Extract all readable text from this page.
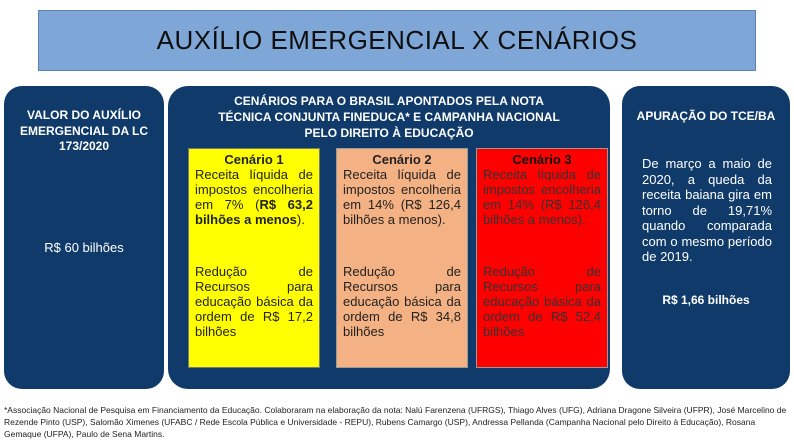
AUXÍLIO EMERGENCIAL X CENÁRIOS
VALOR DO AUXÍLIO EMERGENCIAL DA LC 173/2020
R$ 60 bilhões
CENÁRIOS PARA O BRASIL APONTADOS PELA NOTA TÉCNICA CONJUNTA FINEDUCA* E CAMPANHA NACIONAL PELO DIREITO À EDUCAÇÃO
Cenário 1

Receita líquida de impostos encolheria em 7% (R$ 63,2 bilhões a menos).

Redução de Recursos para educação básica da ordem de R$ 17,2 bilhões

Cenário 2

Receita líquida de impostos encolheria em 14% (R$ 126,4 bilhões a menos).

Redução de Recursos para educação básica da ordem de R$ 34,8 bilhões

Cenário 3

Receita líquida de impostos encolheria em 14% (R$ 126,4 bilhões a menos).

Redução de Recursos para educação básica da ordem de R$ 52,4 bilhões

APURAÇÃO DO TCE/BA
De março a maio de 2020, a queda da receita baiana gira em torno de 19,71% quando comparada com o mesmo período de 2019.
R$ 1,66 bilhões
*Associação Nacional de Pesquisa em Financiamento da Educação. Colaboraram na elaboração da nota: Nalú Farenzena (UFRGS), Thiago Alves (UFG), Adriana Dragone Silveira (UFPR), José Marcelino de Rezende Pinto (USP), Salomão Ximenes (UFABC / Rede Escola Pública e Universidade - REPU), Rubens Camargo (USP), Andressa Pellanda (Campanha Nacional pelo Direito à Educação), Rosana Gemaque (UFPA), Paulo de Sena Martins.
